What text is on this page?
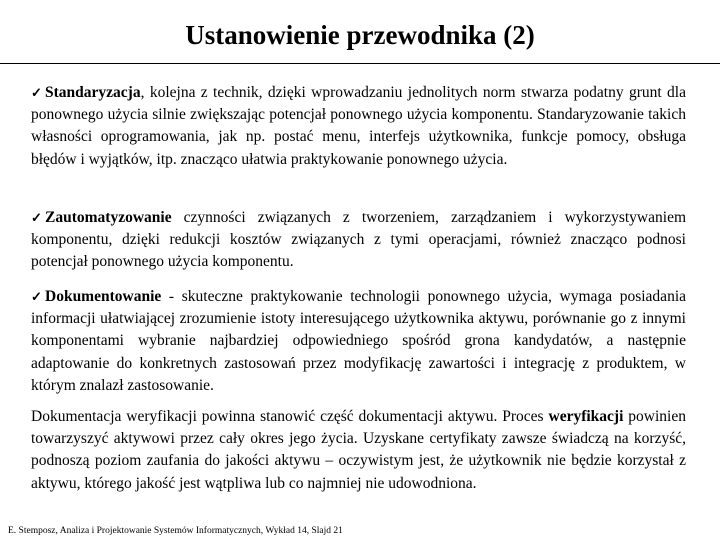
Ustanowienie przewodnika (2)

✓ Standaryzacja, kolejna z technik, dzięki wprowadzaniu jednolitych norm stwarza podatny grunt dla ponownego użycia silnie zwiększając potencjał ponownego użycia komponentu. Standaryzowanie takich własności oprogramowania, jak np. postać menu, interfejs użytkownika, funkcje pomocy, obsługa błędów i wyjątków, itp. znacząco ułatwia praktykowanie ponownego użycia.

✓ Zautomatyzowanie czynności związanych z tworzeniem, zarządzaniem i wykorzystywaniem komponentu, dzięki redukcji kosztów związanych z tymi operacjami, również znacząco podnosi potencjał ponownego użycia komponentu.

✓ Dokumentowanie - skuteczne praktykowanie technologii ponownego użycia, wymaga posiadania informacji ułatwiającej zrozumienie istoty interesującego użytkownika aktywu, porównanie go z innymi komponentami wybranie najbardziej odpowiedniego spośród grona kandydatów, a następnie adaptowanie do konkretnych zastosowań przez modyfikację zawartości i integrację z produktem, w którym znalazł zastosowanie.

Dokumentacja weryfikacji powinna stanowić część dokumentacji aktywu. Proces weryfikacji powinien towarzyszyć aktywowi przez cały okres jego życia. Uzyskane certyfikaty zawsze świadczą na korzyść, podnoszą poziom zaufania do jakości aktywu – oczywistym jest, że użytkownik nie będzie korzystał z aktywu, którego jakość jest wątpliwa lub co najmniej nie udowodniona.

E. Stemposz, Analiza i Projektowanie Systemów Informatycznych, Wykład 14, Slajd 21
